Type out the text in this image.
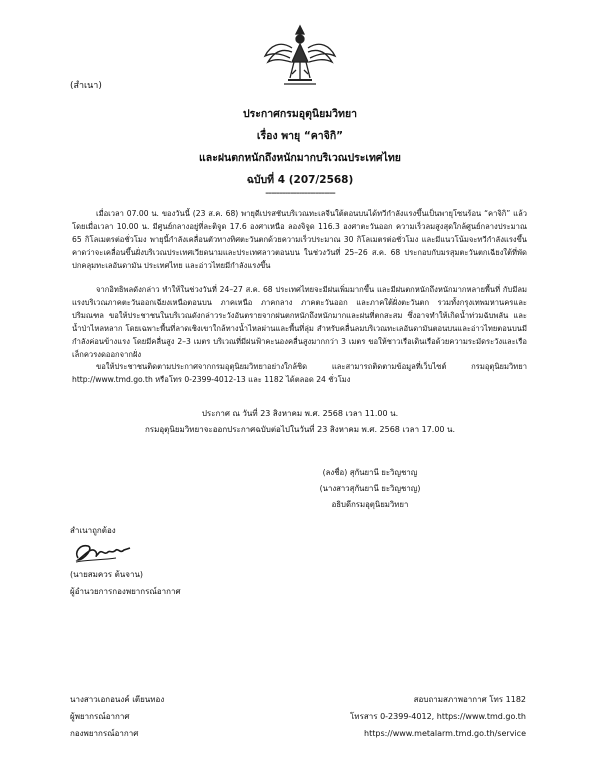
(สำเนา)
ประกาศกรมอุตุนิยมวิทยา
เรื่อง พายุ “คาจิกิ”
และฝนตกหนักถึงหนักมากบริเวณประเทศไทย
ฉบับที่ 4 (207/2568)
-------------------------
เมื่อเวลา 07.00 น. ของวันนี้ (23 ส.ค. 68) พายุดีเปรสชันบริเวณทะเลจีนใต้ตอนบนได้ทวีกำลังแรงขึ้นเป็นพายุโซนร้อน “คาจิกิ” แล้ว โดยเมื่อเวลา 10.00 น. มีศูนย์กลางอยู่ที่ละติจูด 17.6 องศาเหนือ ลองจิจูด 116.3 องศาตะวันออก ความเร็วลมสูงสุดใกล้ศูนย์กลางประมาณ 65 กิโลเมตรต่อชั่วโมง พายุนี้กำลังเคลื่อนตัวทางทิศตะวันตกด้วยความเร็วประมาณ 30 กิโลเมตรต่อชั่วโมง และมีแนวโน้มจะทวีกำลังแรงขึ้น คาดว่าจะเคลื่อนขึ้นฝั่งบริเวณประเทศเวียดนามและประเทศลาวตอนบน ในช่วงวันที่ 25–26 ส.ค. 68 ประกอบกับมรสุมตะวันตกเฉียงใต้ที่พัดปกคลุมทะเลอันดามัน ประเทศไทย และอ่าวไทยมีกำลังแรงขึ้น
จากอิทธิพลดังกล่าว ทำให้ในช่วงวันที่ 24–27 ส.ค. 68 ประเทศไทยจะมีฝนเพิ่มมากขึ้น และมีฝนตกหนักถึงหนักมากหลายพื้นที่ กับมีลมแรงบริเวณภาคตะวันออกเฉียงเหนือตอนบน ภาคเหนือ ภาคกลาง ภาคตะวันออก และภาคใต้ฝั่งตะวันตก รวมทั้งกรุงเทพมหานครและปริมณฑล ขอให้ประชาชนในบริเวณดังกล่าวระวังอันตรายจากฝนตกหนักถึงหนักมากและฝนที่ตกสะสม ซึ่งอาจทำให้เกิดน้ำท่วมฉับพลัน และน้ำป่าไหลหลาก โดยเฉพาะพื้นที่ลาดเชิงเขาใกล้ทางน้ำไหลผ่านและพื้นที่ลุ่ม สำหรับคลื่นลมบริเวณทะเลอันดามันตอนบนและอ่าวไทยตอนบนมีกำลังค่อนข้างแรง โดยมีคลื่นสูง 2–3 เมตร บริเวณที่มีฝนฟ้าคะนองคลื่นสูงมากกว่า 3 เมตร ขอให้ชาวเรือเดินเรือด้วยความระมัดระวังและเรือเล็กควรงดออกจากฝั่ง
ขอให้ประชาชนติดตามประกาศจากกรมอุตุนิยมวิทยาอย่างใกล้ชิด และสามารถติดตามข้อมูลที่เว็บไซต์ กรมอุตุนิยมวิทยา http://www.tmd.go.th หรือโทร 0-2399-4012-13 และ 1182 ได้ตลอด 24 ชั่วโมง
ประกาศ ณ วันที่ 23 สิงหาคม พ.ศ. 2568 เวลา 11.00 น.
กรมอุตุนิยมวิทยาจะออกประกาศฉบับต่อไปในวันที่ 23 สิงหาคม พ.ศ. 2568 เวลา 17.00 น.
(ลงชื่อ) สุกันยานี ยะวิญชาญ
(นางสาวสุกันยานี ยะวิญชาญ)
อธิบดีกรมอุตุนิยมวิทยา
สำเนาถูกต้อง
(นายสมควร ต้นจาน)
ผู้อำนวยการกองพยากรณ์อากาศ
นางสาวเอกอนงค์ เตียนทอง
ผู้พยากรณ์อากาศ
กองพยากรณ์อากาศ
สอบถามสภาพอากาศ โทร 1182
โทรสาร 0-2399-4012, https://www.tmd.go.th
https://www.metalarm.tmd.go.th/service
